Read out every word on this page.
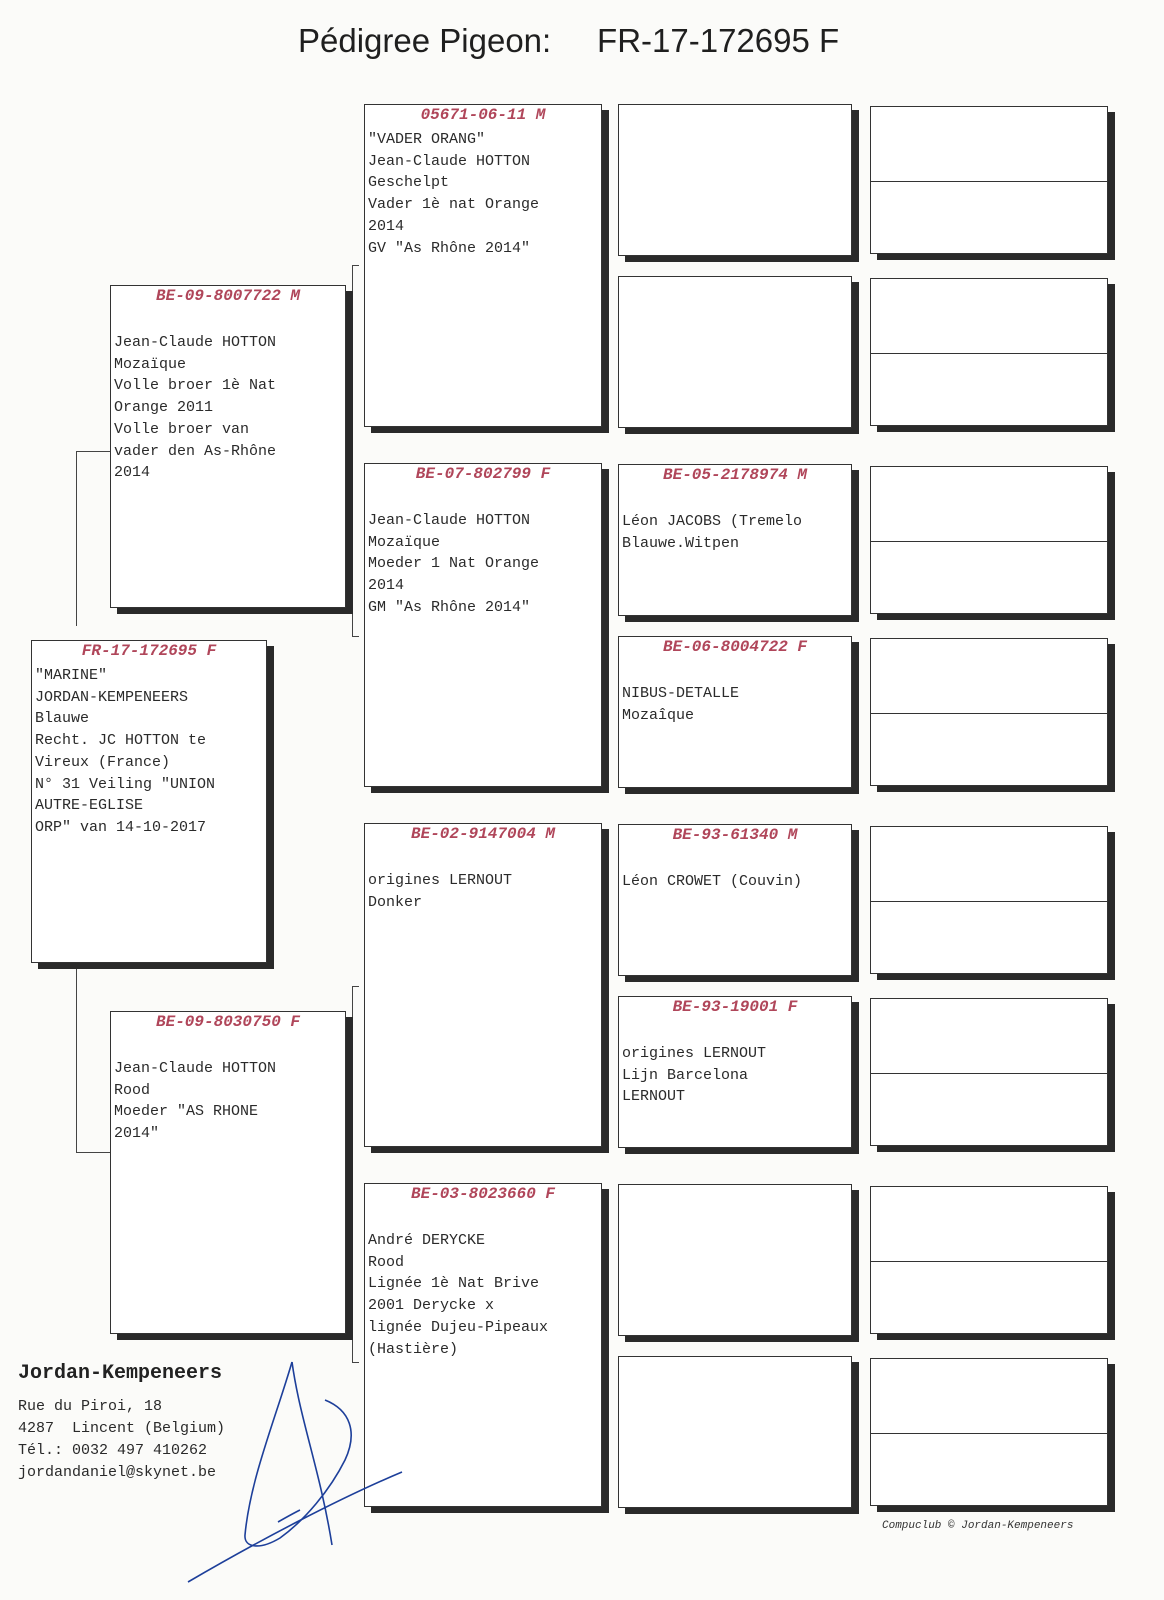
Pédigree Pigeon: FR-17-172695 F
FR-17-172695 F
"MARINE"
JORDAN-KEMPENEERS
Blauwe
Recht. JC HOTTON te
Vireux (France)
N° 31 Veiling "UNION
AUTRE-EGLISE
ORP" van 14-10-2017
BE-09-8007722 M
Jean-Claude HOTTON
Mozaïque
Volle broer 1è Nat
Orange 2011
Volle broer van
vader den As-Rhône
2014
BE-09-8030750 F
Jean-Claude HOTTON
Rood
Moeder "AS RHONE
2014"
05671-06-11 M
"VADER ORANG"
Jean-Claude HOTTON
Geschelpt
Vader 1è nat Orange
2014
GV "As Rhône 2014"
BE-07-802799 F
Jean-Claude HOTTON
Mozaïque
Moeder 1 Nat Orange
2014
GM "As Rhône 2014"
BE-02-9147004 M
origines LERNOUT
Donker
BE-03-8023660 F
André DERYCKE
Rood
Lignée 1è Nat Brive
2001 Derycke x
lignée Dujeu-Pipeaux
(Hastière)
BE-05-2178974 M
Léon JACOBS (Tremelo
Blauwe.Witpen
BE-06-8004722 F
NIBUS-DETALLE
Mozaîque
BE-93-61340 M
Léon CROWET (Couvin)
BE-93-19001 F
origines LERNOUT
Lijn Barcelona
LERNOUT
Jordan-Kempeneers
Rue du Piroi, 18
4287  Lincent (Belgium)
Tél.: 0032 497 410262
jordandaniel@skynet.be
Compuclub © Jordan-Kempeneers
